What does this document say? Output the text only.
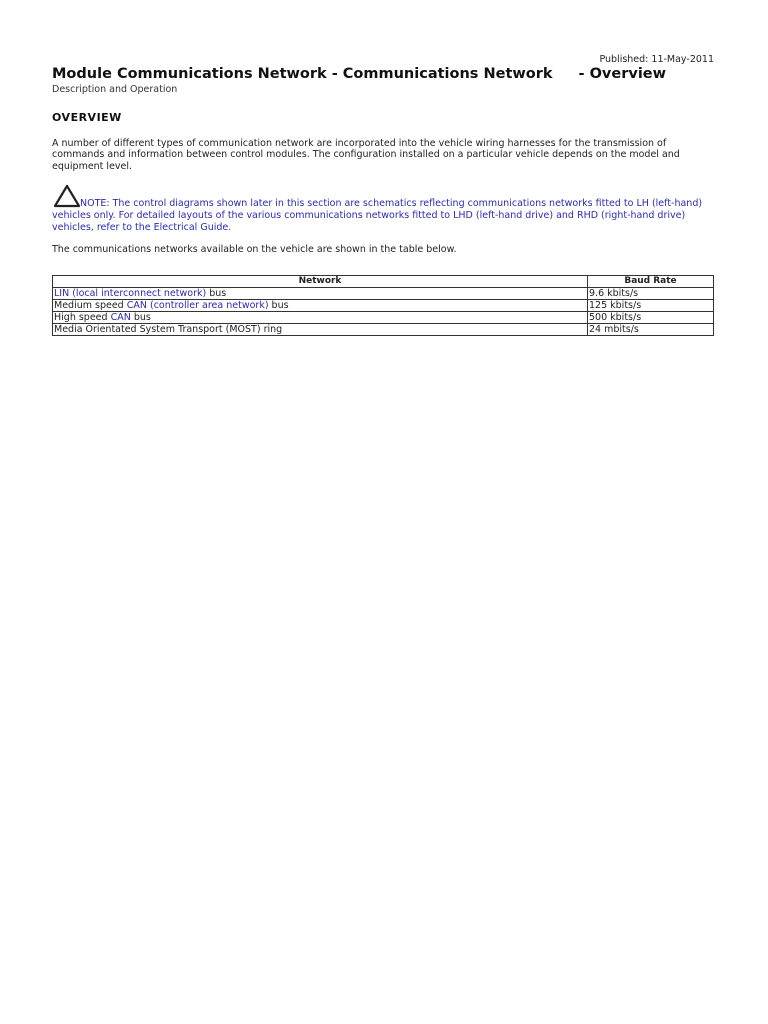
Published: 11-May-2011
Module Communications Network - Communications Network - Overview
Description and Operation
OVERVIEW
A number of different types of communication network are incorporated into the vehicle wiring harnesses for the transmission of commands and information between control modules. The configuration installed on a particular vehicle depends on the model and equipment level.
NOTE: The control diagrams shown later in this section are schematics reflecting communications networks fitted to LH (left-hand) vehicles only. For detailed layouts of the various communications networks fitted to LHD (left-hand drive) and RHD (right-hand drive) vehicles, refer to the Electrical Guide.
The communications networks available on the vehicle are shown in the table below.
Network	Baud Rate
LIN (local interconnect network) bus	9.6 kbits/s
Medium speed CAN (controller area network) bus	125 kbits/s
High speed CAN bus	500 kbits/s
Media Orientated System Transport (MOST) ring	24 mbits/s
